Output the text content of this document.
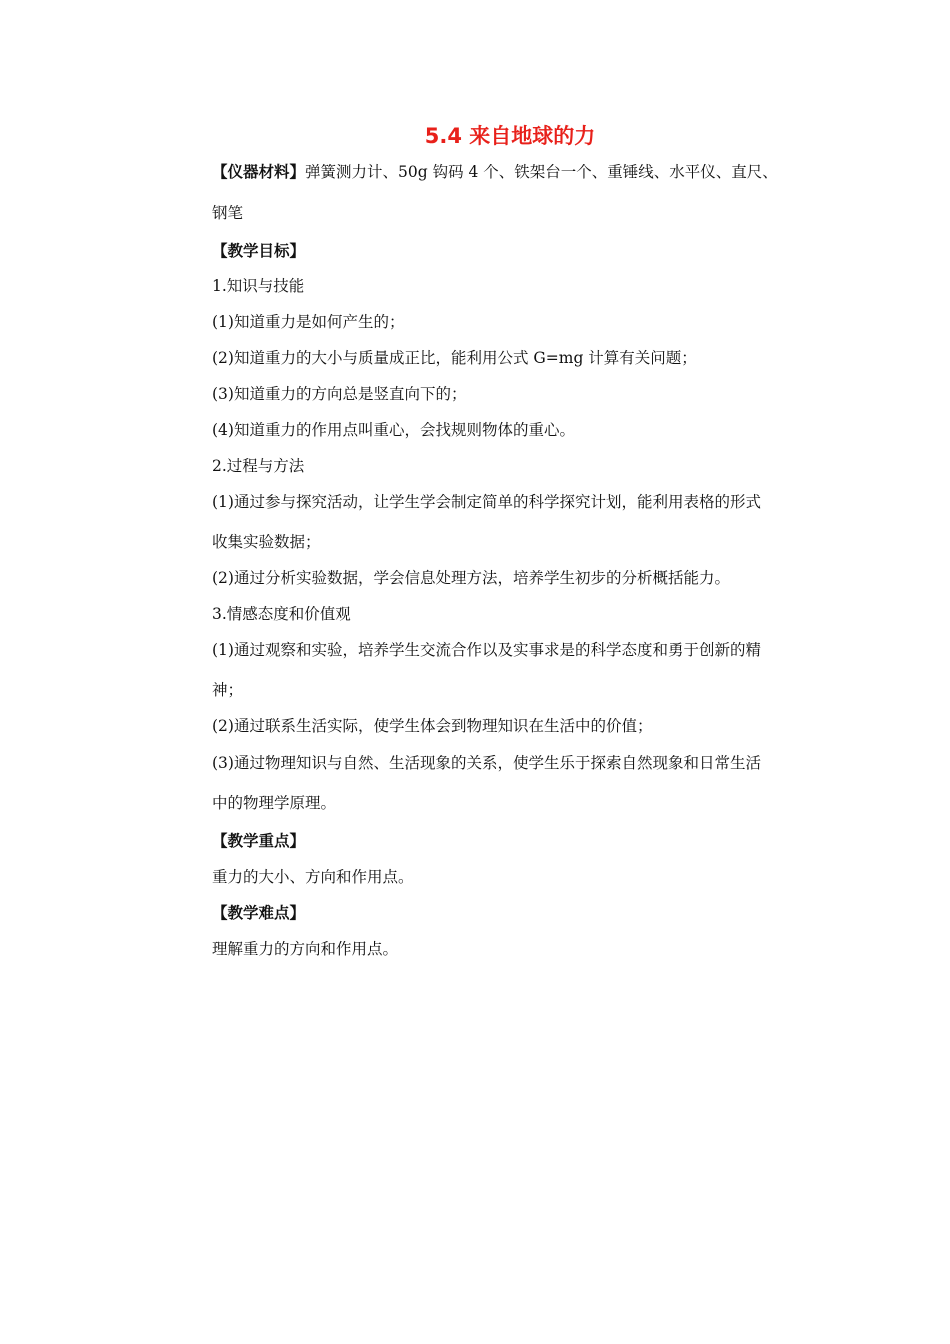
5.4 来自地球的力
【仪器材料】弹簧测力计、50g 钩码 4 个、铁架台一个、重锤线、水平仪、直尺、
钢笔
【教学目标】
1.知识与技能
(1)知道重力是如何产生的；
(2)知道重力的大小与质量成正比，能利用公式 G=mg 计算有关问题；
(3)知道重力的方向总是竖直向下的；
(4)知道重力的作用点叫重心，会找规则物体的重心。
2.过程与方法
(1)通过参与探究活动，让学生学会制定简单的科学探究计划，能利用表格的形式
收集实验数据；
(2)通过分析实验数据，学会信息处理方法，培养学生初步的分析概括能力。
3.情感态度和价值观
(1)通过观察和实验，培养学生交流合作以及实事求是的科学态度和勇于创新的精
神；
(2)通过联系生活实际，使学生体会到物理知识在生活中的价值；
(3)通过物理知识与自然、生活现象的关系，使学生乐于探索自然现象和日常生活
中的物理学原理。
【教学重点】
重力的大小、方向和作用点。
【教学难点】
理解重力的方向和作用点。
